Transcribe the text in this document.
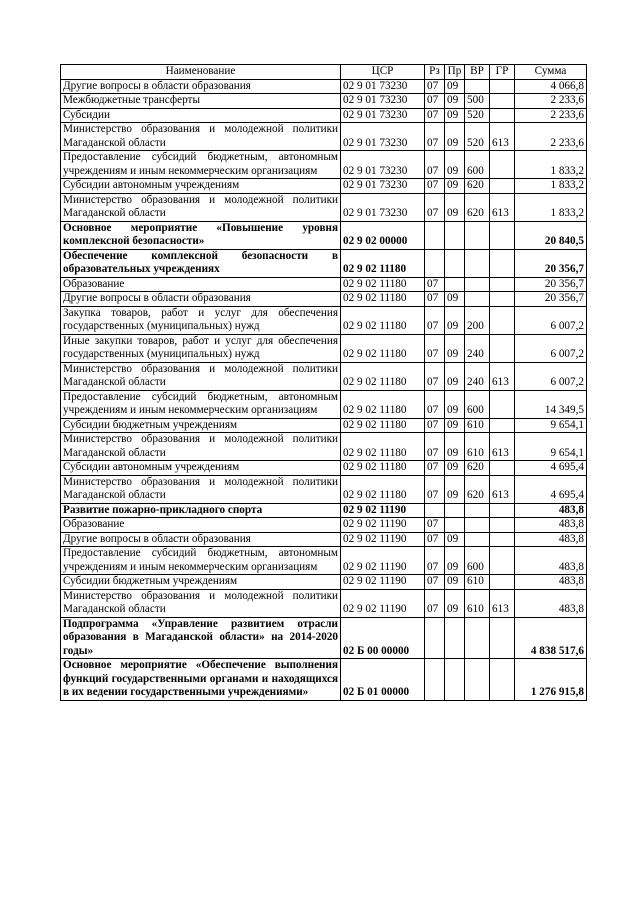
Наименование	ЦСР	Рз	Пр	ВР	ГР	Сумма
Другие вопросы в области образования	02 9 01 73230	07	09			4 066,8
Межбюджетные трансферты	02 9 01 73230	07	09	500		2 233,6
Субсидии	02 9 01 73230	07	09	520		2 233,6
Министерство образования и молодежной политики Магаданской области	02 9 01 73230	07	09	520	613	2 233,6
Предоставление субсидий бюджетным, автономным учреждениям и иным некоммерческим организациям	02 9 01 73230	07	09	600		1 833,2
Субсидии автономным учреждениям	02 9 01 73230	07	09	620		1 833,2
Министерство образования и молодежной политики Магаданской области	02 9 01 73230	07	09	620	613	1 833,2
Основное мероприятие «Повышение уровня комплексной безопасности»	02 9 02 00000					20 840,5
Обеспечение комплексной безопасности в образовательных учреждениях	02 9 02 11180					20 356,7
Образование	02 9 02 11180	07				20 356,7
Другие вопросы в области образования	02 9 02 11180	07	09			20 356,7
Закупка товаров, работ и услуг для обеспечения государственных (муниципальных) нужд	02 9 02 11180	07	09	200		6 007,2
Иные закупки товаров, работ и услуг для обеспечения государственных (муниципальных) нужд	02 9 02 11180	07	09	240		6 007,2
Министерство образования и молодежной политики Магаданской области	02 9 02 11180	07	09	240	613	6 007,2
Предоставление субсидий бюджетным, автономным учреждениям и иным некоммерческим организациям	02 9 02 11180	07	09	600		14 349,5
Субсидии бюджетным учреждениям	02 9 02 11180	07	09	610		9 654,1
Министерство образования и молодежной политики Магаданской области	02 9 02 11180	07	09	610	613	9 654,1
Субсидии автономным учреждениям	02 9 02 11180	07	09	620		4 695,4
Министерство образования и молодежной политики Магаданской области	02 9 02 11180	07	09	620	613	4 695,4
Развитие пожарно-прикладного спорта	02 9 02 11190					483,8
Образование	02 9 02 11190	07				483,8
Другие вопросы в области образования	02 9 02 11190	07	09			483,8
Предоставление субсидий бюджетным, автономным учреждениям и иным некоммерческим организациям	02 9 02 11190	07	09	600		483,8
Субсидии бюджетным учреждениям	02 9 02 11190	07	09	610		483,8
Министерство образования и молодежной политики Магаданской области	02 9 02 11190	07	09	610	613	483,8
Подпрограмма «Управление развитием отрасли образования в Магаданской области» на 2014-2020 годы»	02 Б 00 00000					4 838 517,6
Основное мероприятие «Обеспечение выполнения функций государственными органами и находящихся в их ведении государственными учреждениями»	02 Б 01 00000					1 276 915,8
